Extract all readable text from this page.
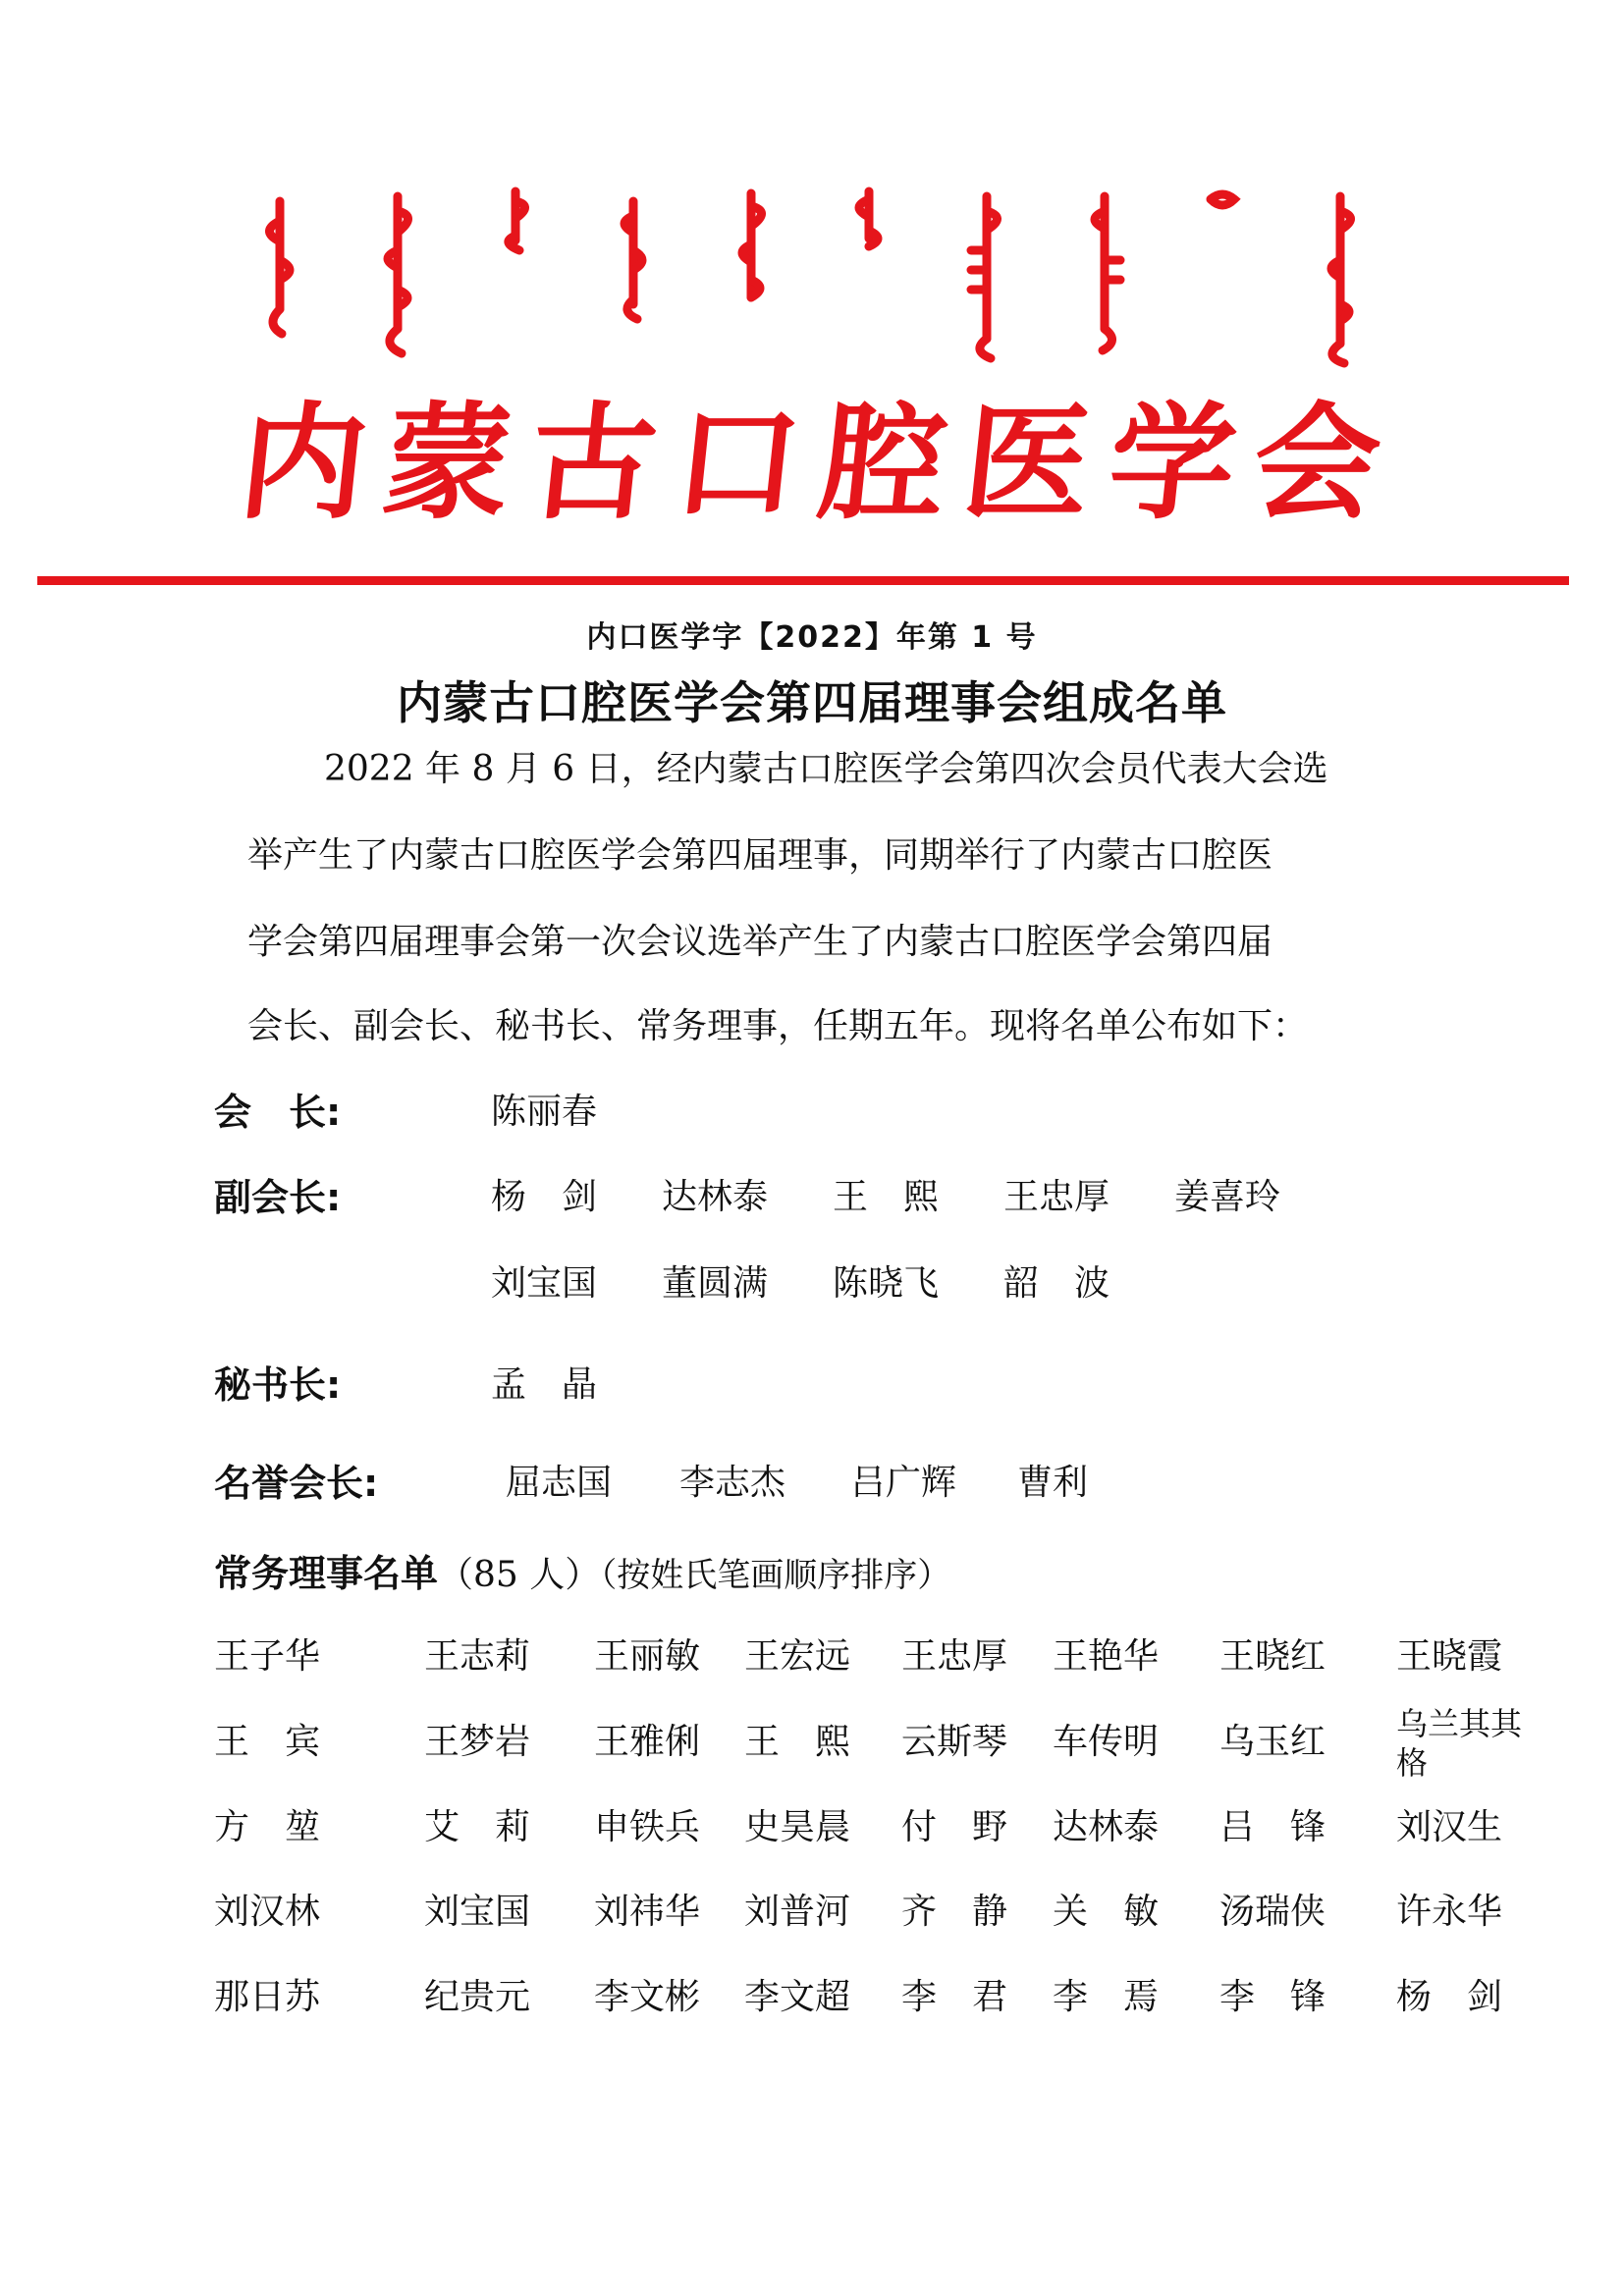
内 蒙 古 口 腔 医 学 会
内口医学字【2022】年第 1 号
内蒙古口腔医学会第四届理事会组成名单
2022 年 8 月 6 日，经内蒙古口腔医学会第四次会员代表大会选
举产生了内蒙古口腔医学会第四届理事，同期举行了内蒙古口腔医
学会第四届理事会第一次会议选举产生了内蒙古口腔医学会第四届
会长、副会长、秘书长、常务理事，任期五年。现将名单公布如下：
会　长:	陈丽春
副会长:	杨　剑 达林泰 王　熙 王忠厚 姜喜玲
刘宝国 董圆满 陈晓飞 韶　波
秘书长:	孟　晶
名誉会长:	屈志国 李志杰 吕广辉 曹利
常务理事名单（85 人）（按姓氏笔画顺序排序）
王子华	王志莉 王丽敏 王宏远 王忠厚 王艳华 王晓红 王晓霞
王　宾	王梦岩 王雅俐 王　熙 云斯琴 车传明 乌玉红 乌兰其其格
方　堃	艾　莉 申铁兵 史昊晨 付　野 达林泰 吕　锋 刘汉生
刘汉林	刘宝国 刘祎华 刘普河 齐　静 关　敏 汤瑞侠 许永华
那日苏	纪贵元 李文彬 李文超 李　君 李　焉 李　锋 杨　剑
